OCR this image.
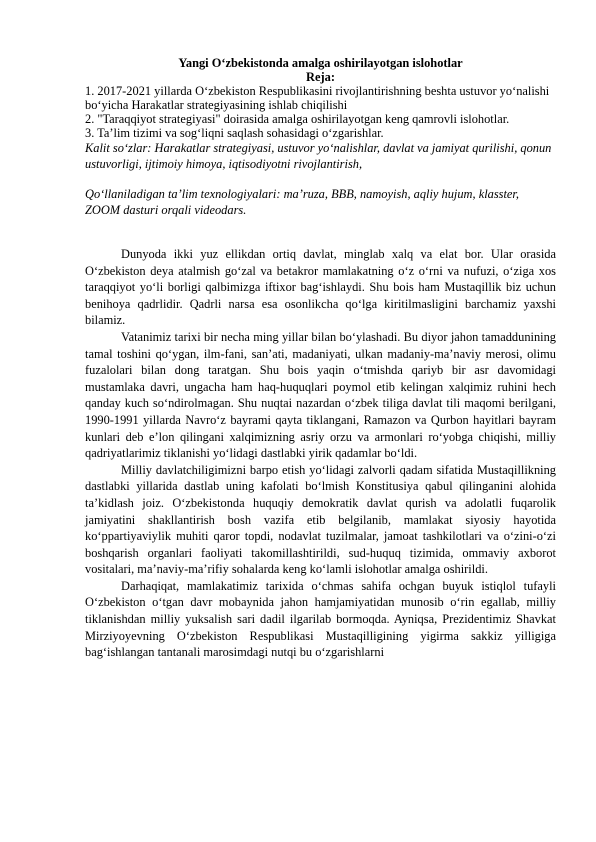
Yangi O‘zbekistonda amalga oshirilayotgan islohotlar
Reja:
1. 2017-2021 yillarda O‘zbekiston Respublikasini rivojlantirishning beshta ustuvor yo‘nalishi bo‘yicha Harakatlar strategiyasining ishlab chiqilishi
2. "Taraqqiyot strategiyasi" doirasida amalga oshirilayotgan keng qamrovli islohotlar.
3. Ta’lim tizimi va sog‘liqni saqlash sohasidagi o‘zgarishlar.

Kalit so‘zlar: Harakatlar strategiyasi, ustuvor yo‘nalishlar, davlat va jamiyat qurilishi, qonun ustuvorligi, ijtimoiy himoya, iqtisodiyotni rivojlantirish,

Qo‘llaniladigan ta’lim texnologiyalari: ma’ruza, BBB, namoyish, aqliy hujum, klasster, ZOOM dasturi orqali videodars.

Dunyoda ikki yuz ellikdan ortiq davlat, minglab xalq va elat bor. Ular orasida O‘zbekiston deya atalmish go‘zal va betakror mamlakatning o‘z o‘rni va nufuzi, o‘ziga xos taraqqiyot yo‘li borligi qalbimizga iftixor bag‘ishlaydi. Shu bois ham Mustaqillik biz uchun benihoya qadrlidir. Qadrli narsa esa osonlikcha qo‘lga kiritilmasligini barchamiz yaxshi bilamiz.

Vatanimiz tarixi bir necha ming yillar bilan bo‘ylashadi. Bu diyor jahon tamaddunining tamal toshini qo‘ygan, ilm-fani, san’ati, madaniyati, ulkan madaniy-ma’naviy merosi, olimu fuzalolari bilan dong taratgan. Shu bois yaqin o‘tmishda qariyb bir asr davomidagi mustamlaka davri, ungacha ham haq-huquqlari poymol etib kelingan xalqimiz ruhini hech qanday kuch so‘ndirolmagan. Shu nuqtai nazardan o‘zbek tiliga davlat tili maqomi berilgani, 1990-1991 yillarda Navro‘z bayrami qayta tiklangani, Ramazon va Qurbon hayitlari bayram kunlari deb e’lon qilingani xalqimizning asriy orzu va armonlari ro‘yobga chiqishi, milliy qadriyatlarimiz tiklanishi yo‘lidagi dastlabki yirik qadamlar bo‘ldi.

Milliy davlatchiligimizni barpo etish yo‘lidagi zalvorli qadam sifatida Mustaqillikning dastlabki yillarida dastlab uning kafolati bo‘lmish Konstitusiya qabul qilinganini alohida ta’kidlash joiz. O‘zbekistonda huquqiy demokratik davlat qurish va adolatli fuqarolik jamiyatini shakllantirish bosh vazifa etib belgilanib, mamlakat siyosiy hayotida ko‘ppartiyaviylik muhiti qaror topdi, nodavlat tuzilmalar, jamoat tashkilotlari va o‘zini-o‘zi boshqarish organlari faoliyati takomillashtirildi, sud-huquq tizimida, ommaviy axborot vositalari, ma’naviy-ma’rifiy sohalarda keng ko‘lamli islohotlar amalga oshirildi.

Darhaqiqat, mamlakatimiz tarixida o‘chmas sahifa ochgan buyuk istiqlol tufayli O‘zbekiston o‘tgan davr mobaynida jahon hamjamiyatidan munosib o‘rin egallab, milliy tiklanishdan milliy yuksalish sari dadil ilgarilab bormoqda. Ayniqsa, Prezidentimiz Shavkat Mirziyoyevning O‘zbekiston Respublikasi Mustaqilligining yigirma sakkiz yilligiga bag‘ishlangan tantanali marosimdagi nutqi bu o‘zgarishlarni
